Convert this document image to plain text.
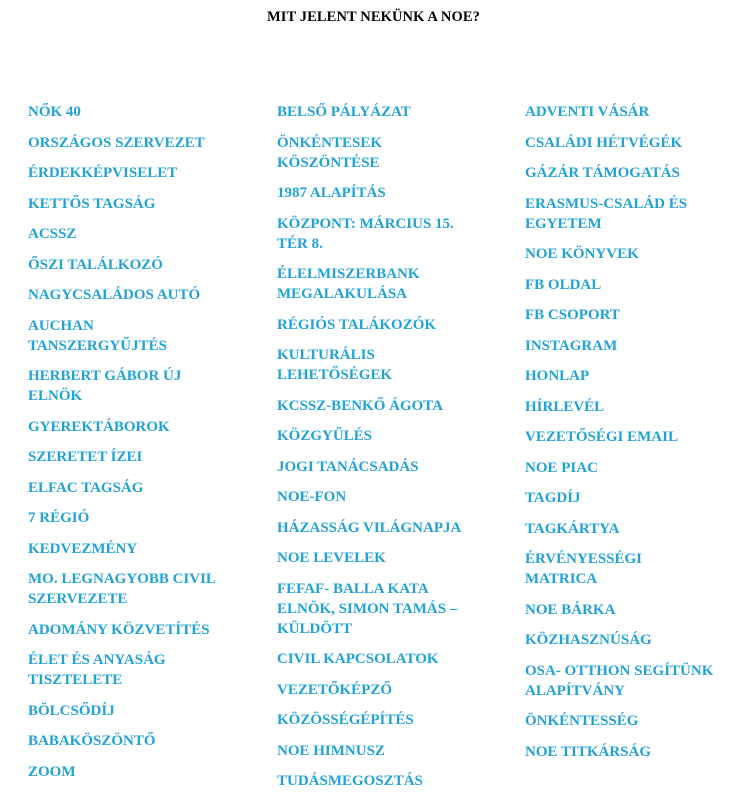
MIT JELENT NEKÜNK A NOE?
NŐK 40
ORSZÁGOS SZERVEZET
ÉRDEKKÉPVISELET
KETTŐS TAGSÁG
ACSSZ
ŐSZI TALÁLKOZÓ
NAGYCSALÁDOS AUTÓ
AUCHAN TANSZERGYŰJTÉS
HERBERT GÁBOR ÚJ ELNÖK
GYEREKTÁBOROK
SZERETET ÍZEI
ELFAC TAGSÁG
7 RÉGIÓ
KEDVEZMÉNY
MO. LEGNAGYOBB CIVIL SZERVEZETE
ADOMÁNY KÖZVETÍTÉS
ÉLET ÉS ANYASÁG TISZTELETE
BÖLCSŐDÍJ
BABAKÖSZÖNTŐ
ZOOM
BELSŐ PÁLYÁZAT
ÖNKÉNTESEK KÖSZÖNTÉSE
1987 ALAPÍTÁS
KÖZPONT: MÁRCIUS 15. TÉR 8.
ÉLELMISZERBANK MEGALAKULÁSA
RÉGIÓS TALÁKOZÓK
KULTURÁLIS LEHETŐSÉGEK
KCSSZ-BENKŐ ÁGOTA
KÖZGYŰLÉS
JOGI TANÁCSADÁS
NOE-FON
HÁZASSÁG VILÁGNAPJA
NOE LEVELEK
FEFAF- BALLA KATA ELNÖK, SIMON TAMÁS – KÜLDÖTT
CIVIL KAPCSOLATOK
VEZETŐKÉPZŐ
KÖZÖSSÉGÉPÍTÉS
NOE HIMNUSZ
TUDÁSMEGOSZTÁS
ADVENTI VÁSÁR
CSALÁDI HÉTVÉGÉK
GÁZÁR TÁMOGATÁS
ERASMUS-CSALÁD ÉS EGYETEM
NOE KÖNYVEK
FB OLDAL
FB CSOPORT
INSTAGRAM
HONLAP
HÍRLEVÉL
VEZETŐSÉGI EMAIL
NOE PIAC
TAGDÍJ
TAGKÁRTYA
ÉRVÉNYESSÉGI MATRICA
NOE BÁRKA
KÖZHASZNÚSÁG
OSA- OTTHON SEGÍTÜNK ALAPÍTVÁNY
ÖNKÉNTESSÉG
NOE TITKÁRSÁG
